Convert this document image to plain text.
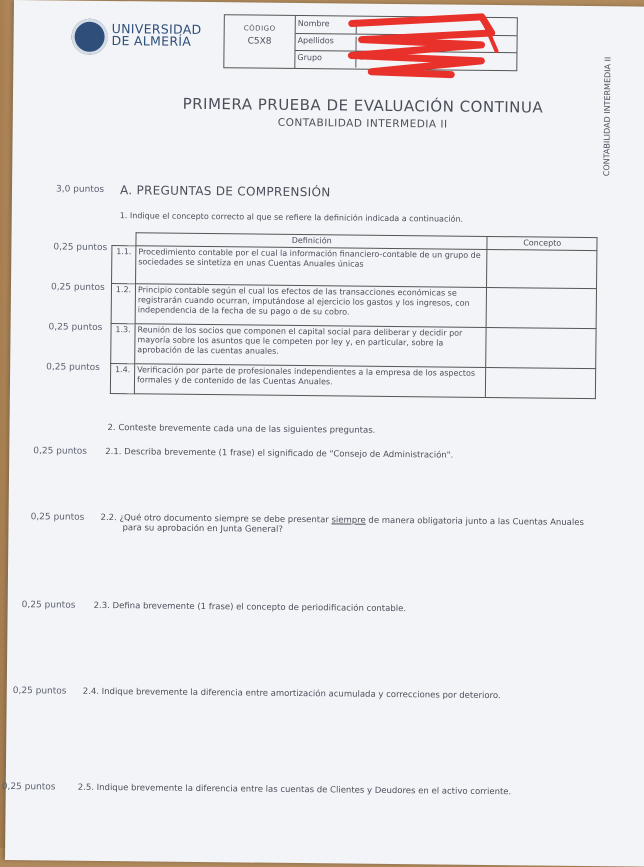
UNIVERSIDAD
DE ALMERÍA
CÓDIGO
C5X8
Nombre
Apellidos
Grupo	B	CONTABILIDAD INTERMEDIA II
PRIMERA PRUEBA DE EVALUACIÓN CONTINUA
CONTABILIDAD INTERMEDIA II
3,0 puntos A. PREGUNTAS DE COMPRENSIÓN
1. Indique el concepto correcto al que se refiere la definición indicada a continuación.
0,25 puntos
0,25 puntos
0,25 puntos
0,25 puntos
	Definición	Concepto
1.1.	Procedimiento contable por el cual la información financiero-contable de un grupo de sociedades se sintetiza en unas Cuentas Anuales únicas	
1.2.	Principio contable según el cual los efectos de las transacciones económicas se registrarán cuando ocurran, imputándose al ejercicio los gastos y los ingresos, con independencia de la fecha de su pago o de su cobro.	
1.3.	Reunión de los socios que componen el capital social para deliberar y decidir por mayoría sobre los asuntos que le competen por ley y, en particular, sobre la aprobación de las cuentas anuales.	
1.4.	Verificación por parte de profesionales independientes a la empresa de los aspectos formales y de contenido de las Cuentas Anuales.	
2. Conteste brevemente cada una de las siguientes preguntas.
0,25 puntos 2.1. Describa brevemente (1 frase) el significado de "Consejo de Administración".
0,25 puntos 2.2. ¿Qué otro documento siempre se debe presentar siempre de manera obligatoria junto a las Cuentas Anuales
para su aprobación en Junta General?
0,25 puntos 2.3. Defina brevemente (1 frase) el concepto de periodificación contable.
0,25 puntos 2.4. Indique brevemente la diferencia entre amortización acumulada y correcciones por deterioro.
0,25 puntos	2.5. Indique brevemente la diferencia entre las cuentas de Clientes y Deudores en el activo corriente.
